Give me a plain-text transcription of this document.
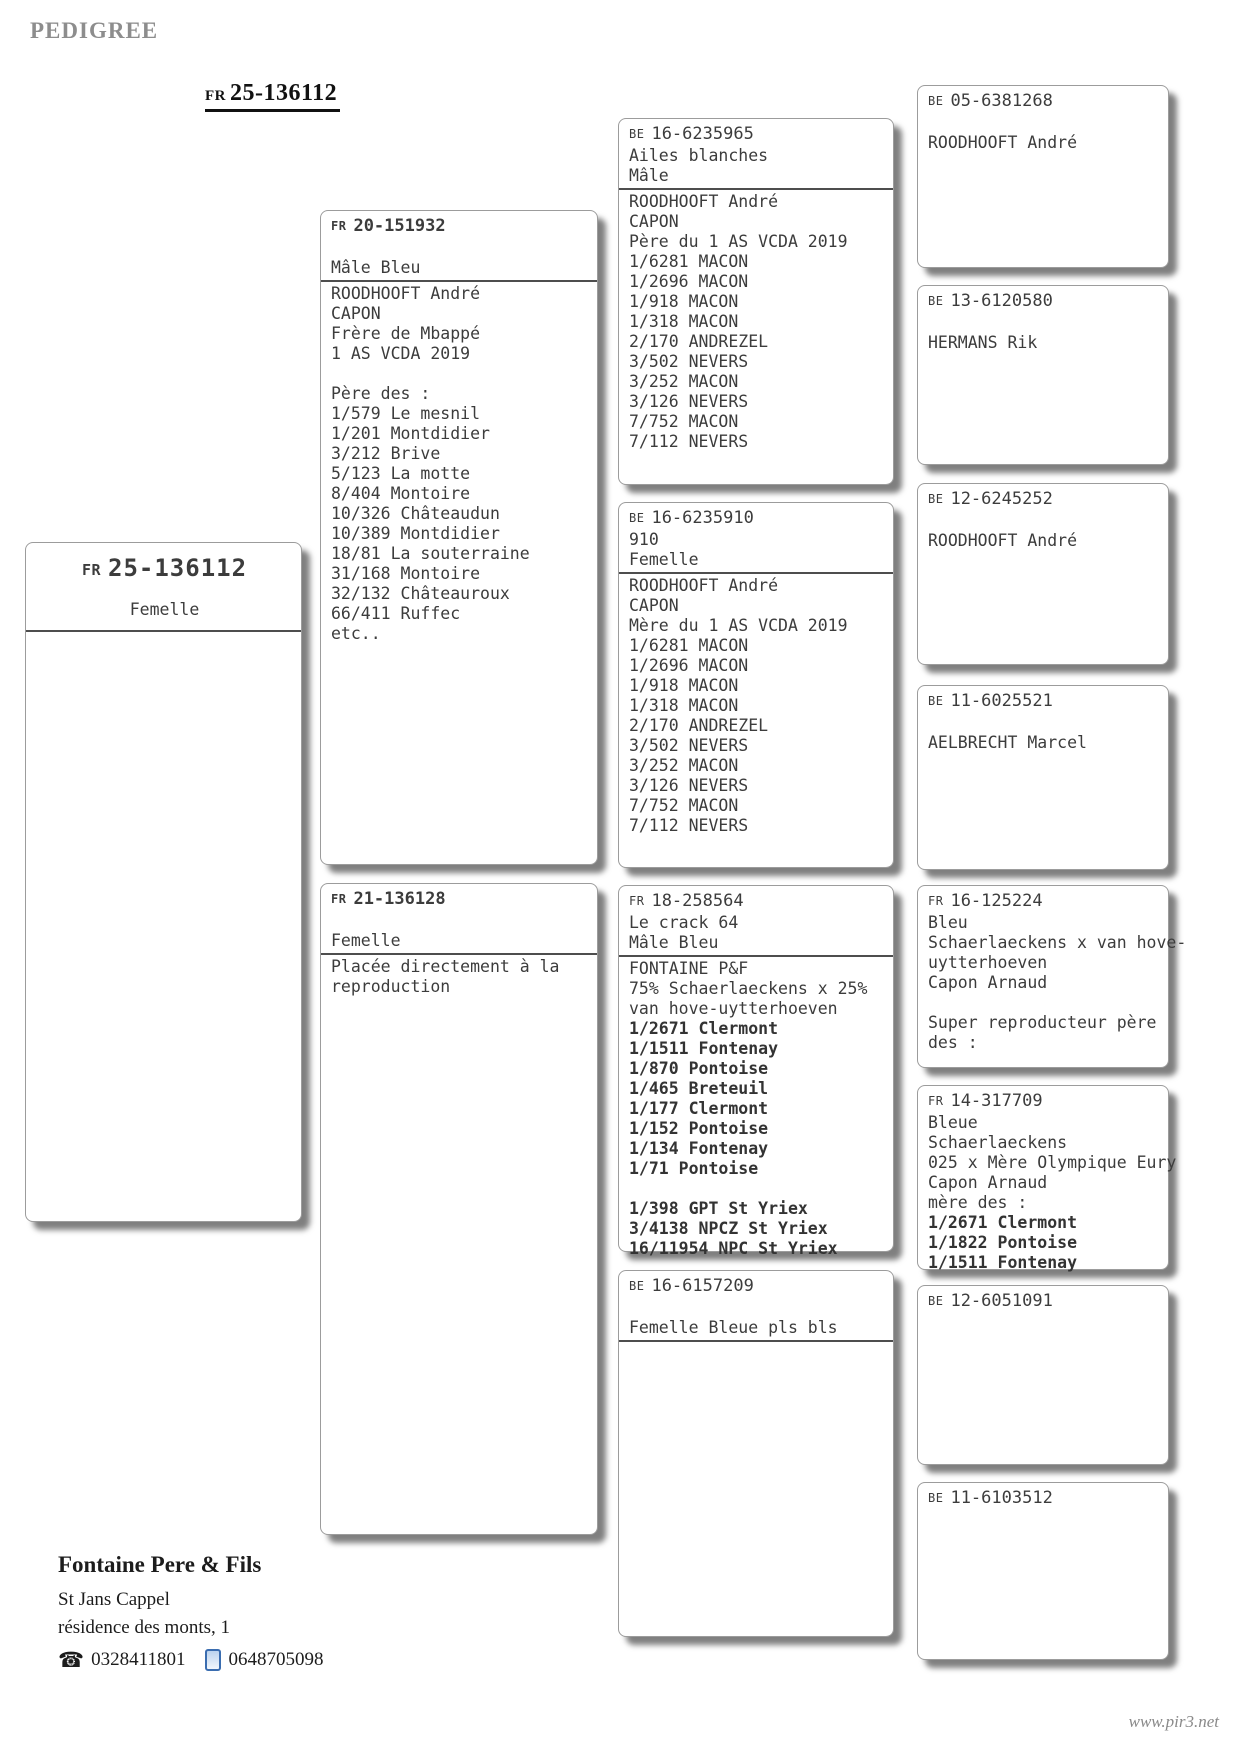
PEDIGREE
FR 25-136112
FR 25-136112
Femelle
FR 20-151932
Mâle Bleu
ROODHOOFT André
CAPON
Frère de Mbappé
1 AS VCDA 2019
Père des :
1/579 Le mesnil
1/201 Montdidier
3/212 Brive
5/123 La motte
8/404 Montoire
10/326 Châteaudun
10/389 Montdidier
18/81 La souterraine
31/168 Montoire
32/132 Châteauroux
66/411 Ruffec
etc..
FR 21-136128
Femelle
Placée directement à la
reproduction
BE 16-6235965
Ailes blanches
Mâle
ROODHOOFT André
CAPON
Père du 1 AS VCDA 2019
1/6281 MACON
1/2696 MACON
1/918 MACON
1/318 MACON
2/170 ANDREZEL
3/502 NEVERS
3/252 MACON
3/126 NEVERS
7/752 MACON
7/112 NEVERS
BE 16-6235910
910
Femelle
ROODHOOFT André
CAPON
Mère du 1 AS VCDA 2019
1/6281 MACON
1/2696 MACON
1/918 MACON
1/318 MACON
2/170 ANDREZEL
3/502 NEVERS
3/252 MACON
3/126 NEVERS
7/752 MACON
7/112 NEVERS
FR 18-258564
Le crack 64
Mâle Bleu
FONTAINE P&F
75% Schaerlaeckens x 25%
van hove-uytterhoeven
1/2671 Clermont
1/1511 Fontenay
1/870 Pontoise
1/465 Breteuil
1/177 Clermont
1/152 Pontoise
1/134 Fontenay
1/71 Pontoise
1/398 GPT St Yriex
3/4138 NPCZ St Yriex
16/11954 NPC St Yriex
BE 16-6157209
Femelle Bleue pls bls
BE 05-6381268
ROODHOOFT André
BE 13-6120580
HERMANS Rik
BE 12-6245252
ROODHOOFT André
BE 11-6025521
AELBRECHT Marcel
FR 16-125224
Bleu
Schaerlaeckens x van hove-
uytterhoeven
Capon Arnaud
Super reproducteur père
des :
FR 14-317709
Bleue
Schaerlaeckens
025 x Mère Olympique Eury
Capon Arnaud
mère des :
1/2671 Clermont
1/1822 Pontoise
1/1511 Fontenay
BE 12-6051091
BE 11-6103512
Fontaine Pere & Fils
St Jans Cappel
résidence des monts, 1
☎ 0328411801 0648705098
www.pir3.net
